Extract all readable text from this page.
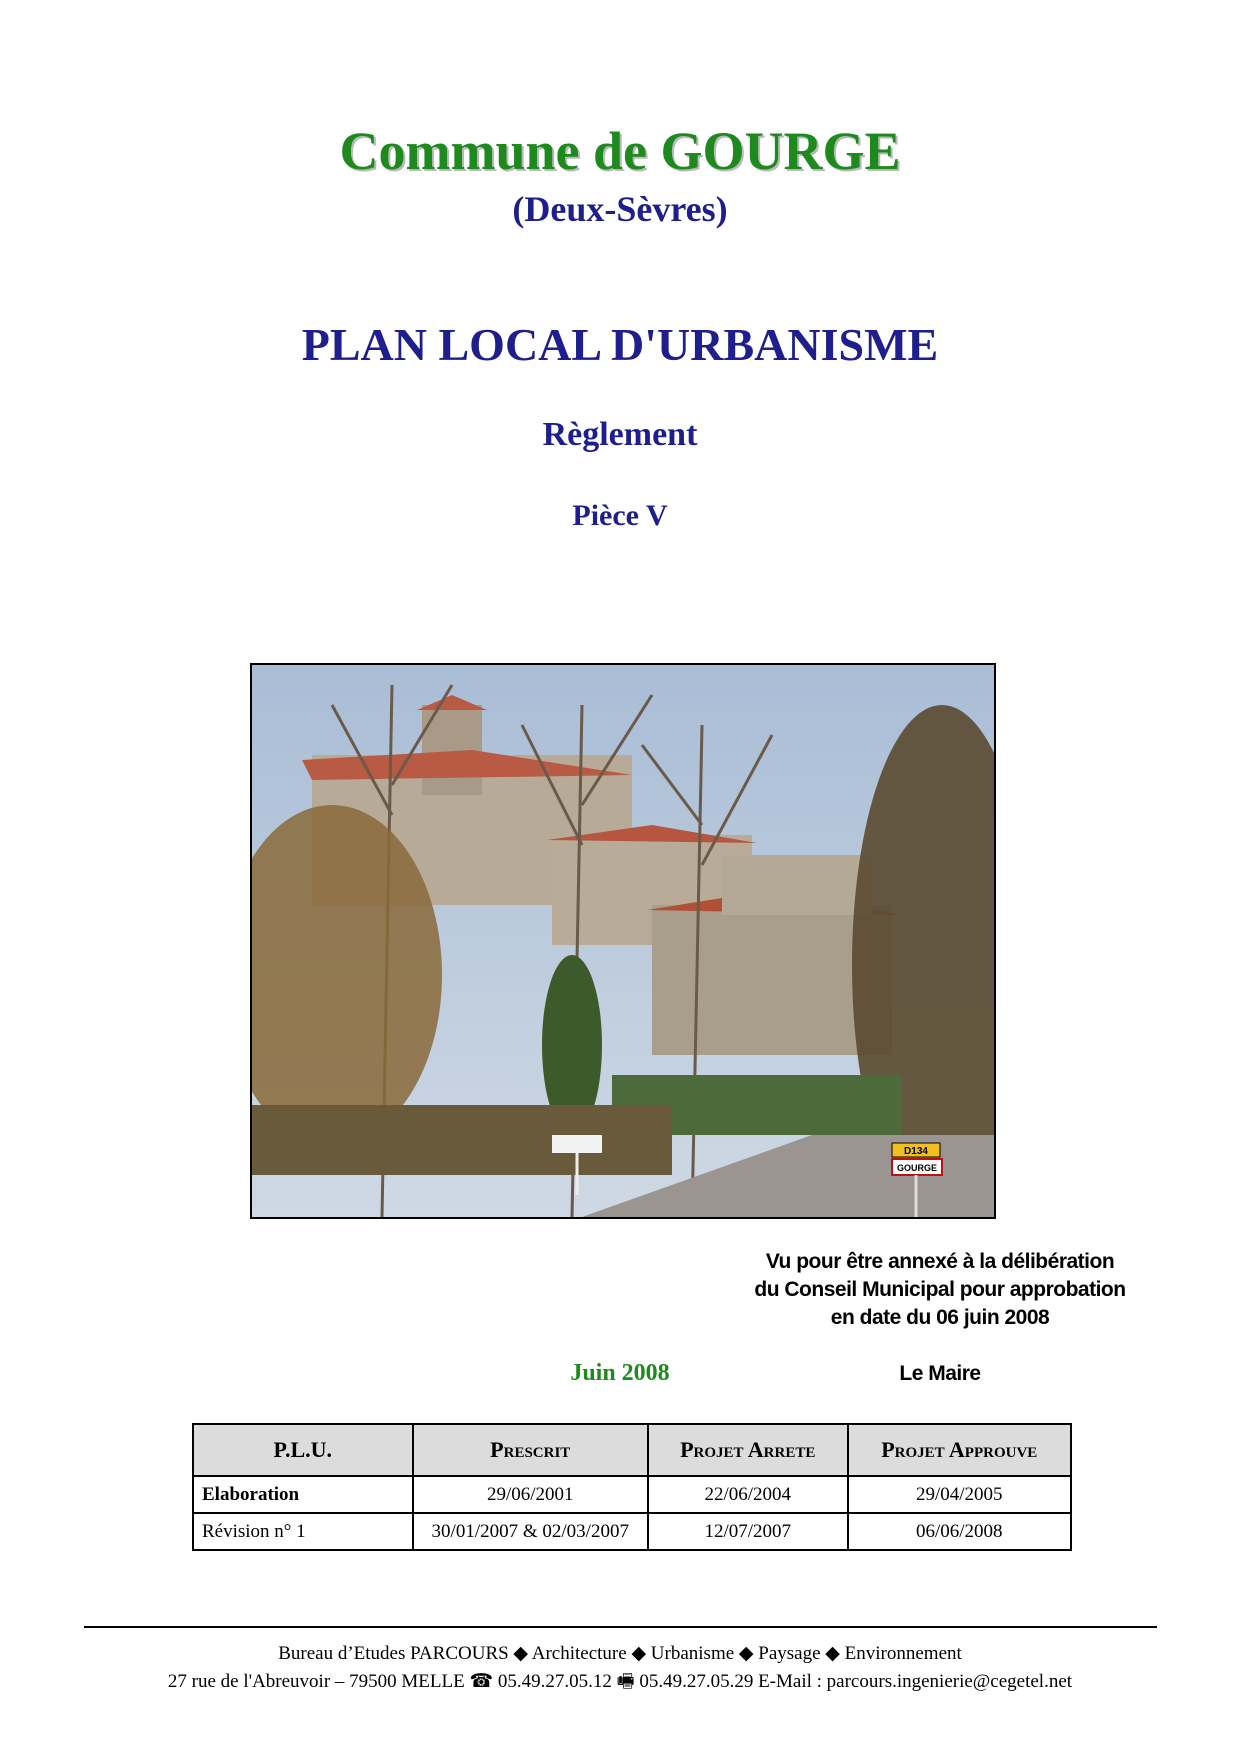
Commune de GOURGE
(Deux-Sèvres)
PLAN LOCAL D'URBANISME
Règlement
Pièce V
D134
GOURGE
Vu pour être annexé à la délibération
du Conseil Municipal pour approbation
en date du 06 juin 2008
Juin 2008	Le Maire
P.L.U.	Prescrit	Projet Arrete	Projet Approuve
Elaboration	29/06/2001	22/06/2004	29/04/2005
Révision n° 1	30/01/2007 & 02/03/2007	12/07/2007	06/06/2008
Bureau d’Etudes PARCOURS ◆ Architecture ◆ Urbanisme ◆ Paysage ◆ Environnement
27 rue de l'Abreuvoir – 79500 MELLE ☎ 05.49.27.05.12 🖷 05.49.27.05.29 E-Mail : parcours.ingenierie@cegetel.net
